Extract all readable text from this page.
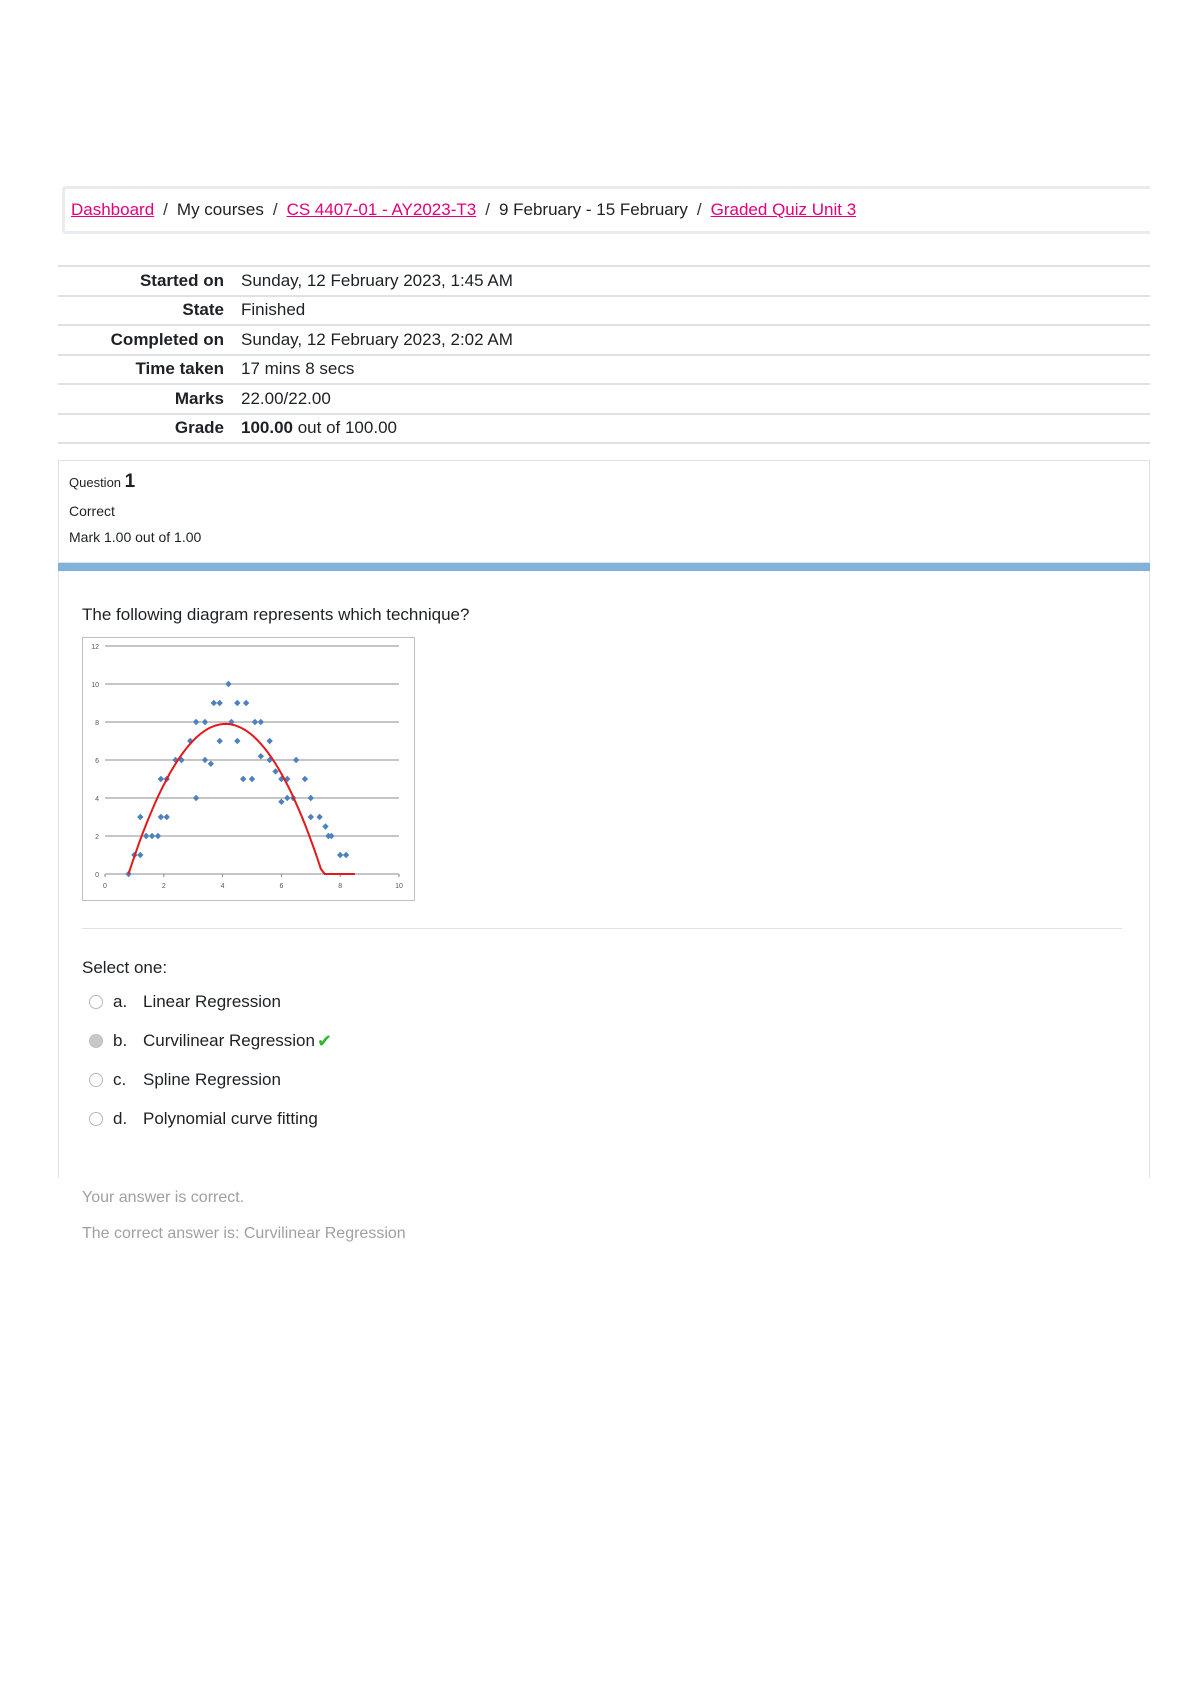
Dashboard / My courses / CS 4407-01 - AY2023-T3 / 9 February - 15 February / Graded Quiz Unit 3
Started on	Sunday, 12 February 2023, 1:45 AM
State	Finished
Completed on	Sunday, 12 February 2023, 2:02 AM
Time taken	17 mins 8 secs
Marks	22.00/22.00
Grade	100.00 out of 100.00
Question 1
Correct
Mark 1.00 out of 1.00
The following diagram represents which technique?
0
2
4
6
8
10
12
0	2	4	6	8	10
Select one:
a. Linear Regression
b. Curvilinear Regression ✔
c. Spline Regression
d. Polynomial curve fitting
Your answer is correct.
The correct answer is: Curvilinear Regression
